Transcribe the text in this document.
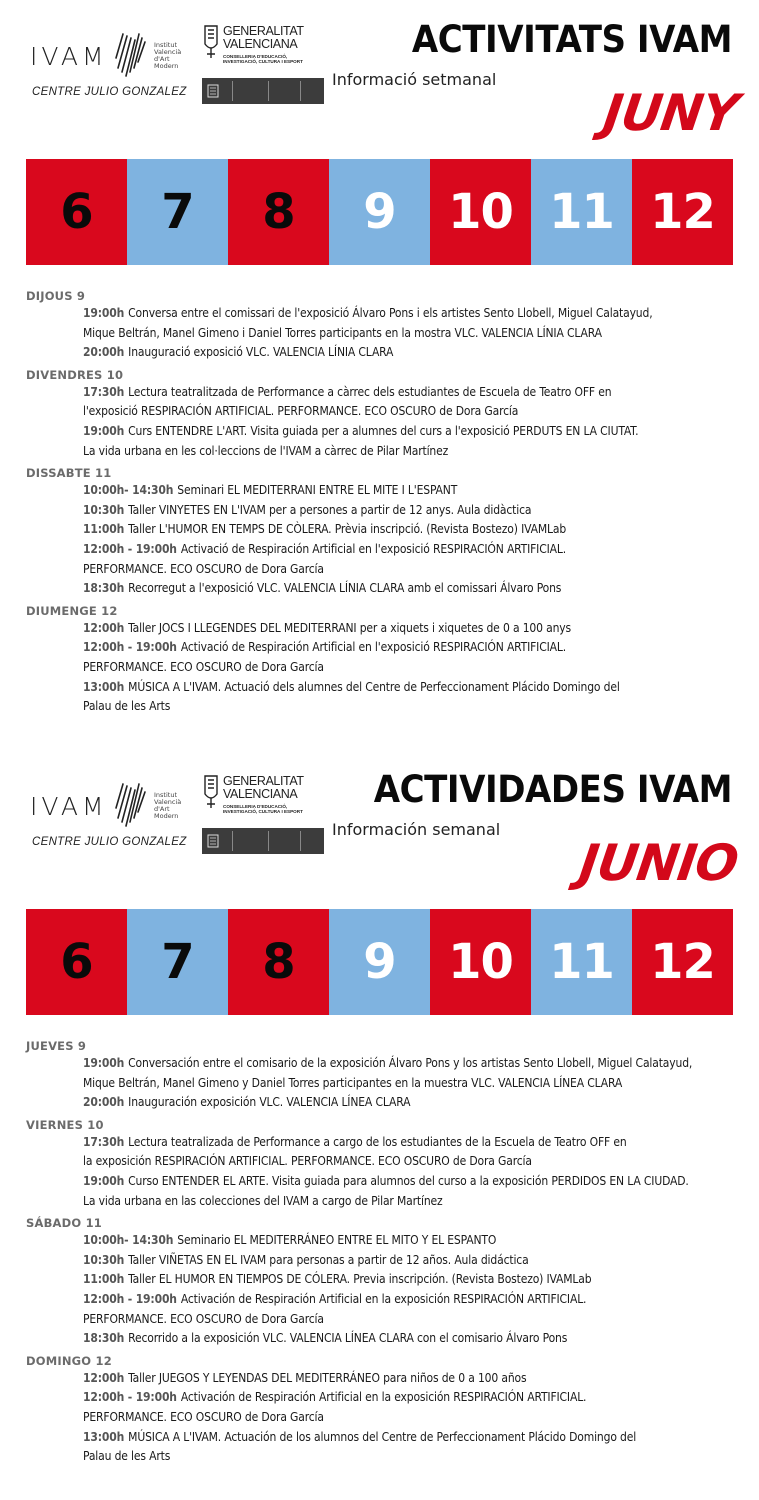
IVAM	Institut
Valencià
d'Art
Modern
CENTRE JULIO GONZALEZ
GENERALITAT
VALENCIANA
CONSELLERIA D'EDUCACIÓ,
INVESTIGACIÓ, CULTURA I ESPORT
ACTIVITATS IVAM
Informació setmanal
JUNY
6	7	8	9	10 11 12
DIJOUS 9
19:00h Conversa entre el comissari de l'exposició Álvaro Pons i els artistes Sento Llobell, Miguel Calatayud,
Mique Beltrán, Manel Gimeno i Daniel Torres participants en la mostra VLC. VALENCIA LÍNIA CLARA
20:00h Inauguració exposició VLC. VALENCIA LÍNIA CLARA
DIVENDRES 10
17:30h Lectura teatralitzada de Performance a càrrec dels estudiantes de Escuela de Teatro OFF en
l'exposició RESPIRACIÓN ARTIFICIAL. PERFORMANCE. ECO OSCURO de Dora García
19:00h Curs ENTENDRE L'ART. Visita guiada per a alumnes del curs a l'exposició PERDUTS EN LA CIUTAT.
La vida urbana en les col·leccions de l'IVAM a càrrec de Pilar Martínez
DISSABTE 11
10:00h- 14:30h Seminari EL MEDITERRANI ENTRE EL MITE I L'ESPANT
10:30h Taller VINYETES EN L'IVAM per a persones a partir de 12 anys. Aula didàctica
11:00h Taller L'HUMOR EN TEMPS DE CÒLERA. Prèvia inscripció. (Revista Bostezo) IVAMLab
12:00h - 19:00h Activació de Respiración Artificial en l'exposició RESPIRACIÓN ARTIFICIAL.
PERFORMANCE. ECO OSCURO de Dora García
18:30h Recorregut a l'exposició VLC. VALENCIA LÍNIA CLARA amb el comissari Álvaro Pons
DIUMENGE 12
12:00h Taller JOCS I LLEGENDES DEL MEDITERRANI per a xiquets i xiquetes de 0 a 100 anys
12:00h - 19:00h Activació de Respiración Artificial en l'exposició RESPIRACIÓN ARTIFICIAL.
PERFORMANCE. ECO OSCURO de Dora García
13:00h MÚSICA A L'IVAM. Actuació dels alumnes del Centre de Perfeccionament Plácido Domingo del
Palau de les Arts
IVAM	Institut
Valencià
d'Art
Modern
CENTRE JULIO GONZALEZ
GENERALITAT
VALENCIANA
CONSELLERIA D'EDUCACIÓ,
INVESTIGACIÓ, CULTURA I ESPORT
ACTIVIDADES IVAM
Información semanal
JUNIO
6	7	8	9	10 11 12
JUEVES 9
19:00h Conversación entre el comisario de la exposición Álvaro Pons y los artistas Sento Llobell, Miguel Calatayud,
Mique Beltrán, Manel Gimeno y Daniel Torres participantes en la muestra VLC. VALENCIA LÍNEA CLARA
20:00h Inauguración exposición VLC. VALENCIA LÍNEA CLARA
VIERNES 10
17:30h Lectura teatralizada de Performance a cargo de los estudiantes de la Escuela de Teatro OFF en
la exposición RESPIRACIÓN ARTIFICIAL. PERFORMANCE. ECO OSCURO de Dora García
19:00h Curso ENTENDER EL ARTE. Visita guiada para alumnos del curso a la exposición PERDIDOS EN LA CIUDAD.
La vida urbana en las colecciones del IVAM a cargo de Pilar Martínez
SÁBADO 11
10:00h- 14:30h Seminario EL MEDITERRÁNEO ENTRE EL MITO Y EL ESPANTO
10:30h Taller VIÑETAS EN EL IVAM para personas a partir de 12 años. Aula didáctica
11:00h Taller EL HUMOR EN TIEMPOS DE CÓLERA. Previa inscripción. (Revista Bostezo) IVAMLab
12:00h - 19:00h Activación de Respiración Artificial en la exposición RESPIRACIÓN ARTIFICIAL.
PERFORMANCE. ECO OSCURO de Dora García
18:30h Recorrido a la exposición VLC. VALENCIA LÍNEA CLARA con el comisario Álvaro Pons
DOMINGO 12
12:00h Taller JUEGOS Y LEYENDAS DEL MEDITERRÁNEO para niños de 0 a 100 años
12:00h - 19:00h Activación de Respiración Artificial en la exposición RESPIRACIÓN ARTIFICIAL.
PERFORMANCE. ECO OSCURO de Dora García
13:00h MÚSICA A L'IVAM. Actuación de los alumnos del Centre de Perfeccionament Plácido Domingo del
Palau de les Arts
